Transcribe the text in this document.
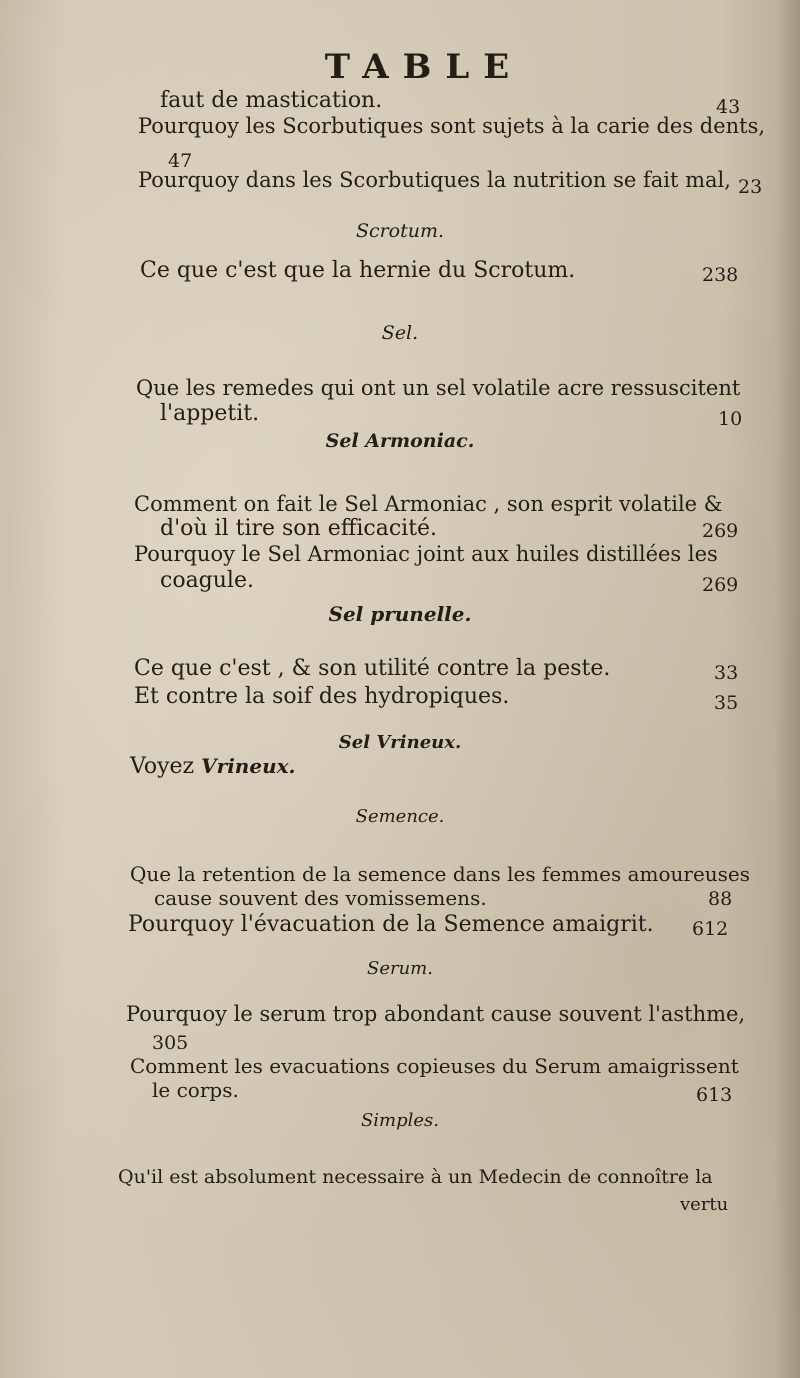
TABLE
faut de mastication.	43
Pourquoy les Scorbutiques sont sujets à la carie des dents,
47
Pourquoy dans les Scorbutiques la nutrition se fait mal, 23
Scrotum.
Ce que c'est que la hernie du Scrotum.	238
Sel.
Que les remedes qui ont un sel volatile acre ressuscitent
l'appetit.	10
Sel Armoniac.
Comment on fait le Sel Armoniac , son esprit volatile &
d'où il tire son efficacité.	269
Pourquoy le Sel Armoniac joint aux huiles distillées les
coagule.	269
Sel prunelle.
Ce que c'est , & son utilité contre la peste.	33
Et contre la soif des hydropiques.	35
Sel Vrineux.
Voyez Vrineux.
Semence.
Que la retention de la semence dans les femmes amoureuses
cause souvent des vomissemens.	88
Pourquoy l'évacuation de la Semence amaigrit. 612
Serum.
Pourquoy le serum trop abondant cause souvent l'asthme,
305
Comment les evacuations copieuses du Serum amaigrissent
le corps.	613
Simples.
Qu'il est absolument necessaire à un Medecin de connoître la
vertu
